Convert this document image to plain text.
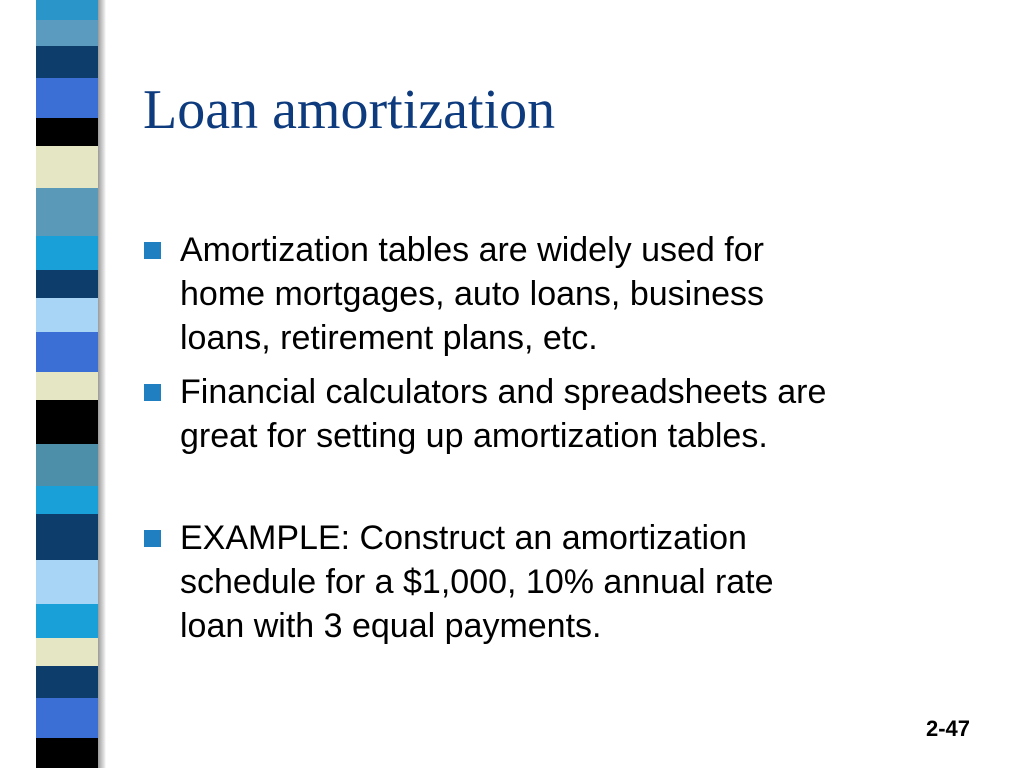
Loan amortization
Amortization tables are widely used for
home mortgages, auto loans, business
loans, retirement plans, etc.
Financial calculators and spreadsheets are
great for setting up amortization tables.
EXAMPLE: Construct an amortization
schedule for a $1,000, 10% annual rate
loan with 3 equal payments.
2-47
